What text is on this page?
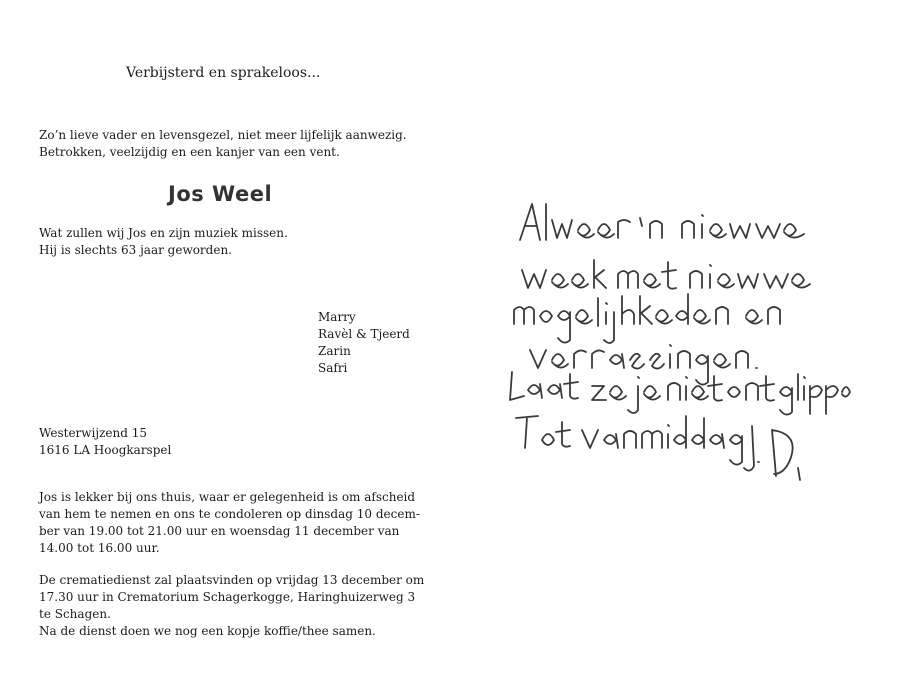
Verbijsterd en sprakeloos...

Zo’n lieve vader en levensgezel, niet meer lijfelijk aanwezig.
Betrokken, veelzijdig en een kanjer van een vent.

Jos Weel

Wat zullen wij Jos en zijn muziek missen.
Hij is slechts 63 jaar geworden.
Marry
Ravèl & Tjeerd
Zarin
Safri
Westerwijzend 15
1616 LA Hoogkarspel
Jos is lekker bij ons thuis, waar er gelegenheid is om afscheid
van hem te nemen en ons te condoleren op dinsdag 10 decem-
ber van 19.00 tot 21.00 uur en woensdag 11 december van
14.00 tot 16.00 uur.
De crematiedienst zal plaatsvinden op vrijdag 13 december om
17.30 uur in Crematorium Schagerkogge, Haringhuizerweg 3
te Schagen.
Na de dienst doen we nog een kopje koffie/thee samen.
